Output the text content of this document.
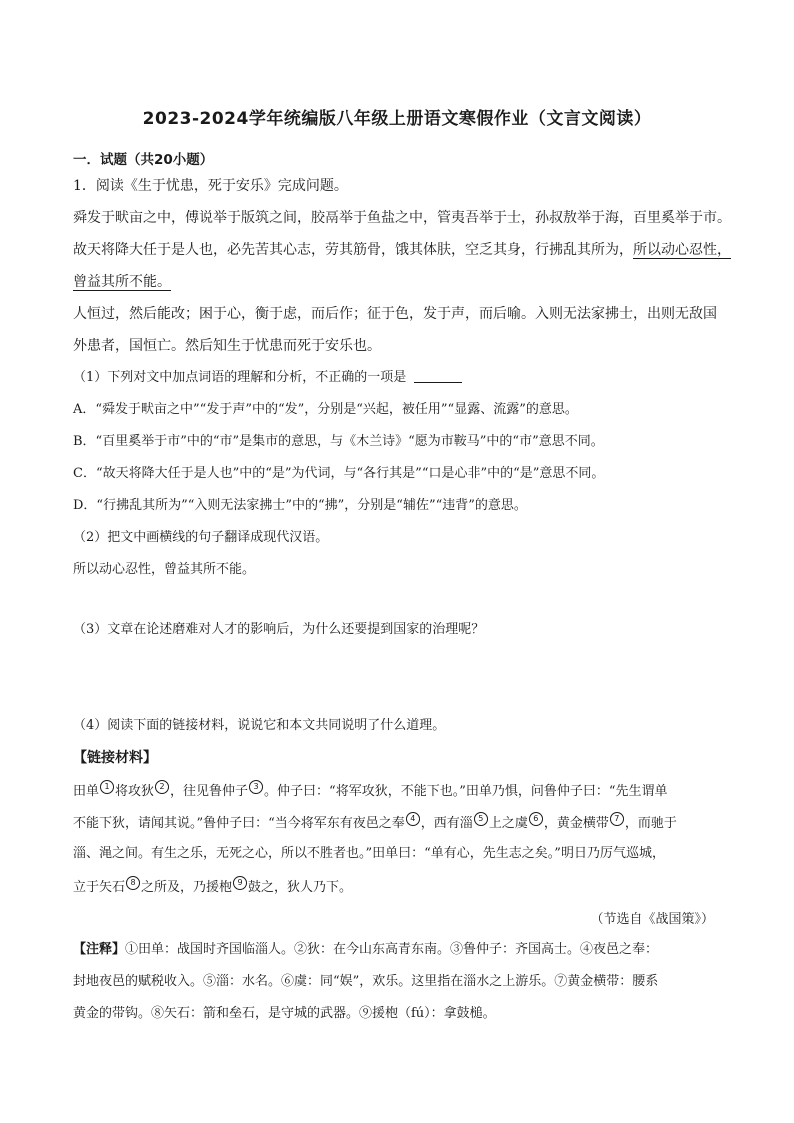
2023-2024学年统编版八年级上册语文寒假作业（文言文阅读）
一．试题（共20小题）
1．阅读《生于忧患，死于安乐》完成问题。
舜发于畎亩之中，傅说举于版筑之间，胶鬲举于鱼盐之中，管夷吾举于士，孙叔敖举于海，百里奚举于市。
故天将降大任于是人也，必先苦其心志，劳其筋骨，饿其体肤，空乏其身，行拂乱其所为，所以动心忍性，
曾益其所不能。
人恒过，然后能改；困于心，衡于虑，而后作；征于色，发于声，而后喻。入则无法家拂士，出则无敌国
外患者，国恒亡。然后知生于忧患而死于安乐也。
（1）下列对文中加点词语的理解和分析，不正确的一项是
A．“舜发于畎亩之中”“发于声”中的“发”，分别是“兴起，被任用”“显露、流露”的意思。
B．“百里奚举于市”中的“市”是集市的意思，与《木兰诗》“愿为市鞍马”中的“市”意思不同。
C．“故天将降大任于是人也”中的“是”为代词，与“各行其是”“口是心非”中的“是”意思不同。
D．“行拂乱其所为”“入则无法家拂士”中的“拂”，分别是“辅佐”“违背”的意思。
（2）把文中画横线的句子翻译成现代汉语。
所以动心忍性，曾益其所不能。
（3）文章在论述磨难对人才的影响后，为什么还要提到国家的治理呢？
（4）阅读下面的链接材料，说说它和本文共同说明了什么道理。
【链接材料】
田单 1 将攻狄 2 ，往见鲁仲子 3 。仲子曰：“将军攻狄，不能下也。”田单乃惧，问鲁仲子曰：“先生谓单
不能下狄，请闻其说。”鲁仲子曰：“当今将军东有夜邑之奉 4 ，西有淄 5 上之虞 6 ，黄金横带 7 ，而驰于
淄、渑之间。有生之乐，无死之心，所以不胜者也。”田单曰：“单有心，先生志之矣。”明日乃厉气巡城，
立于矢石 8 之所及，乃援枹 9 鼓之，狄人乃下。
（节选自《战国策》）
【注释】①田单：战国时齐国临淄人。②狄：在今山东高青东南。③鲁仲子：齐国高士。④夜邑之奉：
封地夜邑的赋税收入。⑤淄：水名。⑥虞：同“娱”，欢乐。这里指在淄水之上游乐。⑦黄金横带：腰系
黄金的带钩。⑧矢石：箭和垒石，是守城的武器。⑨援枹（fú）：拿鼓槌。
